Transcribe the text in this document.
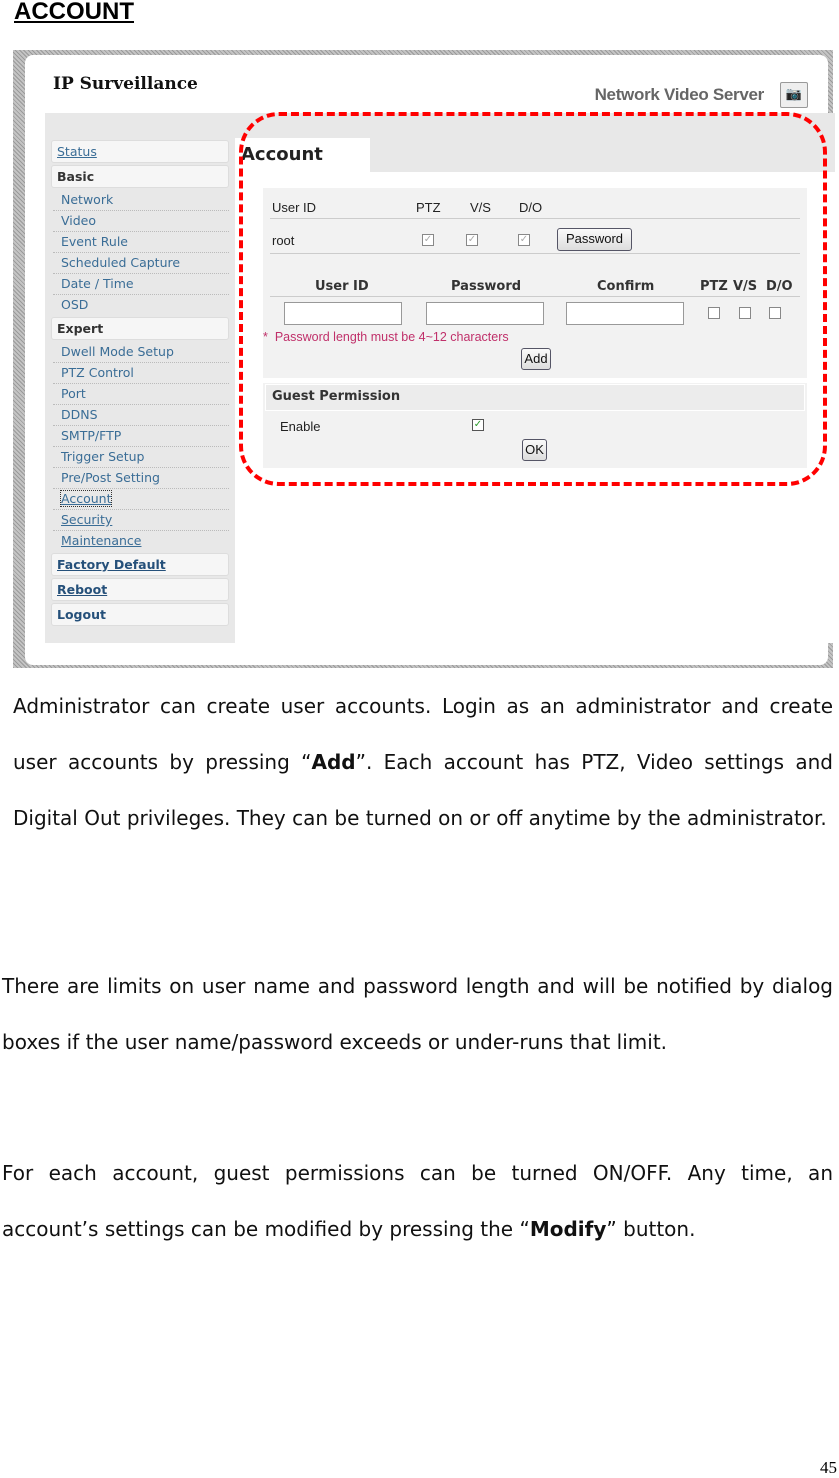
ACCOUNT
IP Surveillance
Network Video Server	📷
Status
Basic
Network
Video
Event Rule
Scheduled Capture
Date / Time
OSD
Expert
Dwell Mode Setup
PTZ Control
Port
DDNS
SMTP/FTP
Trigger Setup
Pre/Post Setting
Account
Security
Maintenance
Factory Default
Reboot
Logout
Account
User ID	PTZ V/S D/O
root	✓	✓	✓	Password
User ID	Password	Confirm	PTZ V/S D/O
* Password length must be 4~12 characters
Add
Guest Permission
Enable	✓
OK

Administrator can create user accounts. Login as an administrator and create user accounts by pressing “Add”. Each account has PTZ, Video settings and Digital Out privileges. They can be turned on or off anytime by the administrator.

There are limits on user name and password length and will be notified by dialog boxes if the user name/password exceeds or under-runs that limit.

For each account, guest permissions can be turned ON/OFF. Any time, an account’s settings can be modified by pressing the “Modify” button.

45
